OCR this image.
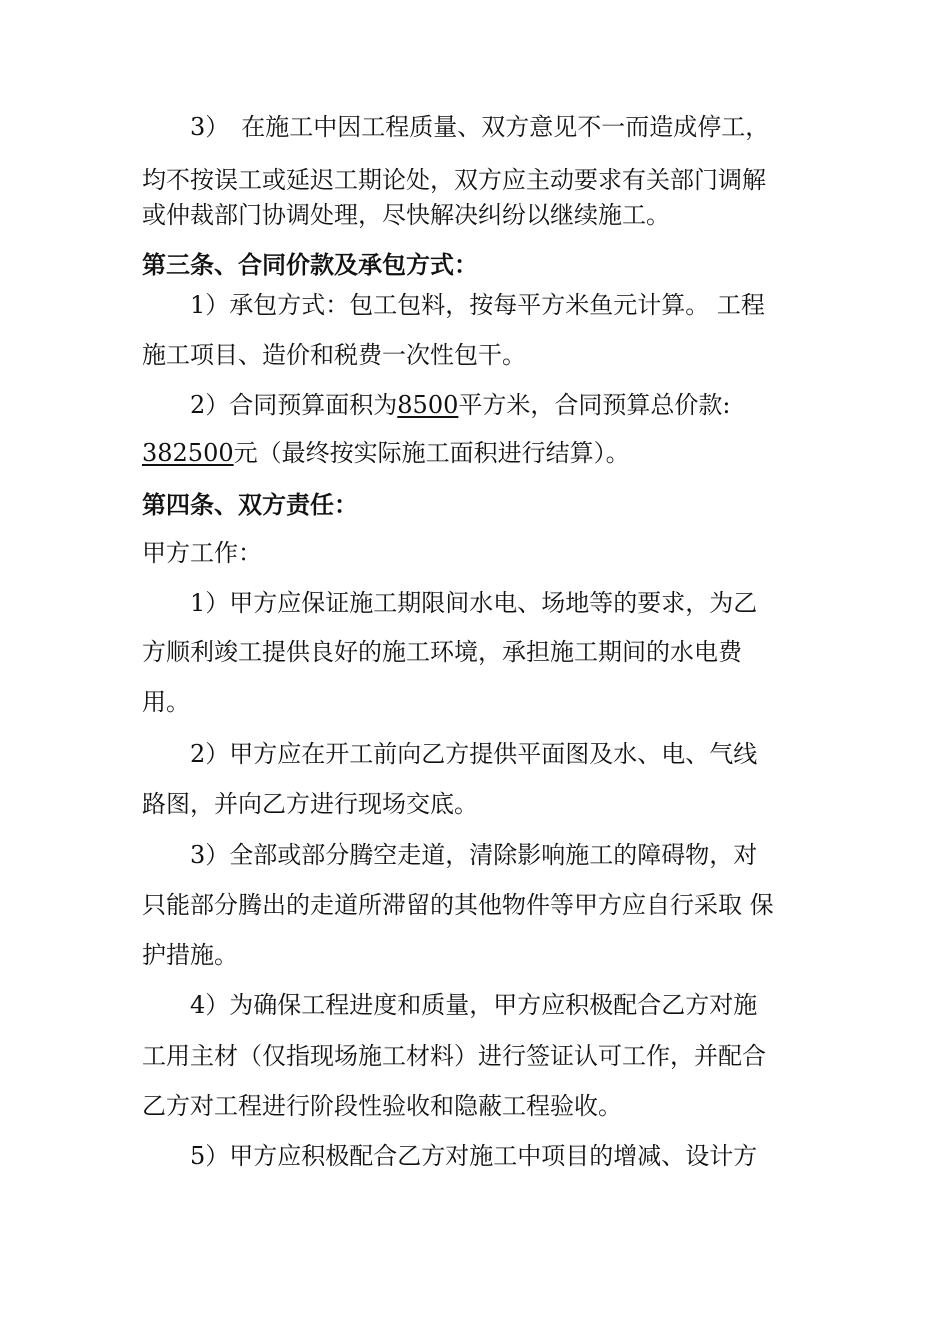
3）　在施工中因工程质量、双方意见不一而造成停工，
均不按误工或延迟工期论处，双方应主动要求有关部门调解
或仲裁部门协调处理，尽快解决纠纷以继续施工。
第三条、合同价款及承包方式：
1）承包方式：包工包料，按每平方米鱼元计算。 工程
施工项目、造价和税费一次性包干。
2）合同预算面积为8500平方米，合同预算总价款:
382500元（最终按实际施工面积进行结算）。
第四条、双方责任：
甲方工作：
1）甲方应保证施工期限间水电、场地等的要求，为乙
方顺利竣工提供良好的施工环境，承担施工期间的水电费
用。
2）甲方应在开工前向乙方提供平面图及水、电、气线
路图，并向乙方进行现场交底。
3）全部或部分腾空走道，清除影响施工的障碍物，对
只能部分腾出的走道所滞留的其他物件等甲方应自行采取 保
护措施。
4）为确保工程进度和质量，甲方应积极配合乙方对施
工用主材（仅指现场施工材料）进行签证认可工作，并配合
乙方对工程进行阶段性验收和隐蔽工程验收。
5）甲方应积极配合乙方对施工中项目的增减、设计方
